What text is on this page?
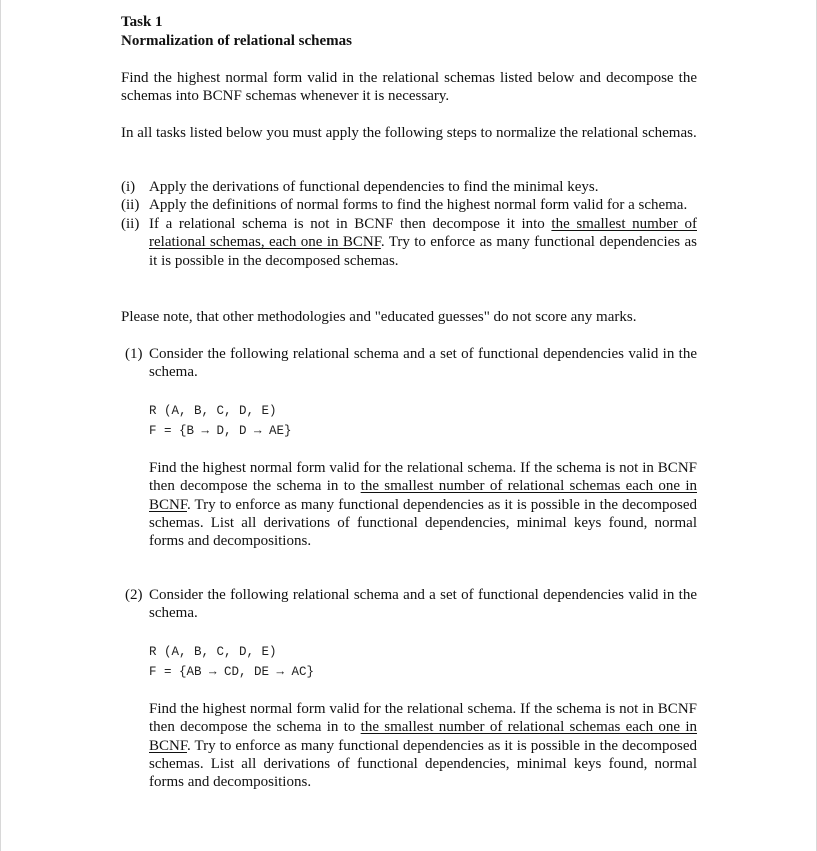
Task 1
Normalization of relational schemas
Find the highest normal form valid in the relational schemas listed below and decompose the schemas into BCNF schemas whenever it is necessary.
In all tasks listed below you must apply the following steps to normalize the relational schemas.
(i) Apply the derivations of functional dependencies to find the minimal keys.
(ii) Apply the definitions of normal forms to find the highest normal form valid for a schema.
(ii) If a relational schema is not in BCNF then decompose it into the smallest number of relational schemas, each one in BCNF. Try to enforce as many functional dependencies as it is possible in the decomposed schemas.
Please note, that other methodologies and "educated guesses" do not score any marks.
(1) Consider the following relational schema and a set of functional dependencies valid in the schema.
R (A, B, C, D, E)
F = {B → D, D → AE}
Find the highest normal form valid for the relational schema. If the schema is not in BCNF then decompose the schema in to the smallest number of relational schemas each one in BCNF. Try to enforce as many functional dependencies as it is possible in the decomposed schemas. List all derivations of functional dependencies, minimal keys found, normal forms and decompositions.
(2) Consider the following relational schema and a set of functional dependencies valid in the schema.
R (A, B, C, D, E)
F = {AB → CD, DE → AC}
Find the highest normal form valid for the relational schema. If the schema is not in BCNF then decompose the schema in to the smallest number of relational schemas each one in BCNF. Try to enforce as many functional dependencies as it is possible in the decomposed schemas. List all derivations of functional dependencies, minimal keys found, normal forms and decompositions.
